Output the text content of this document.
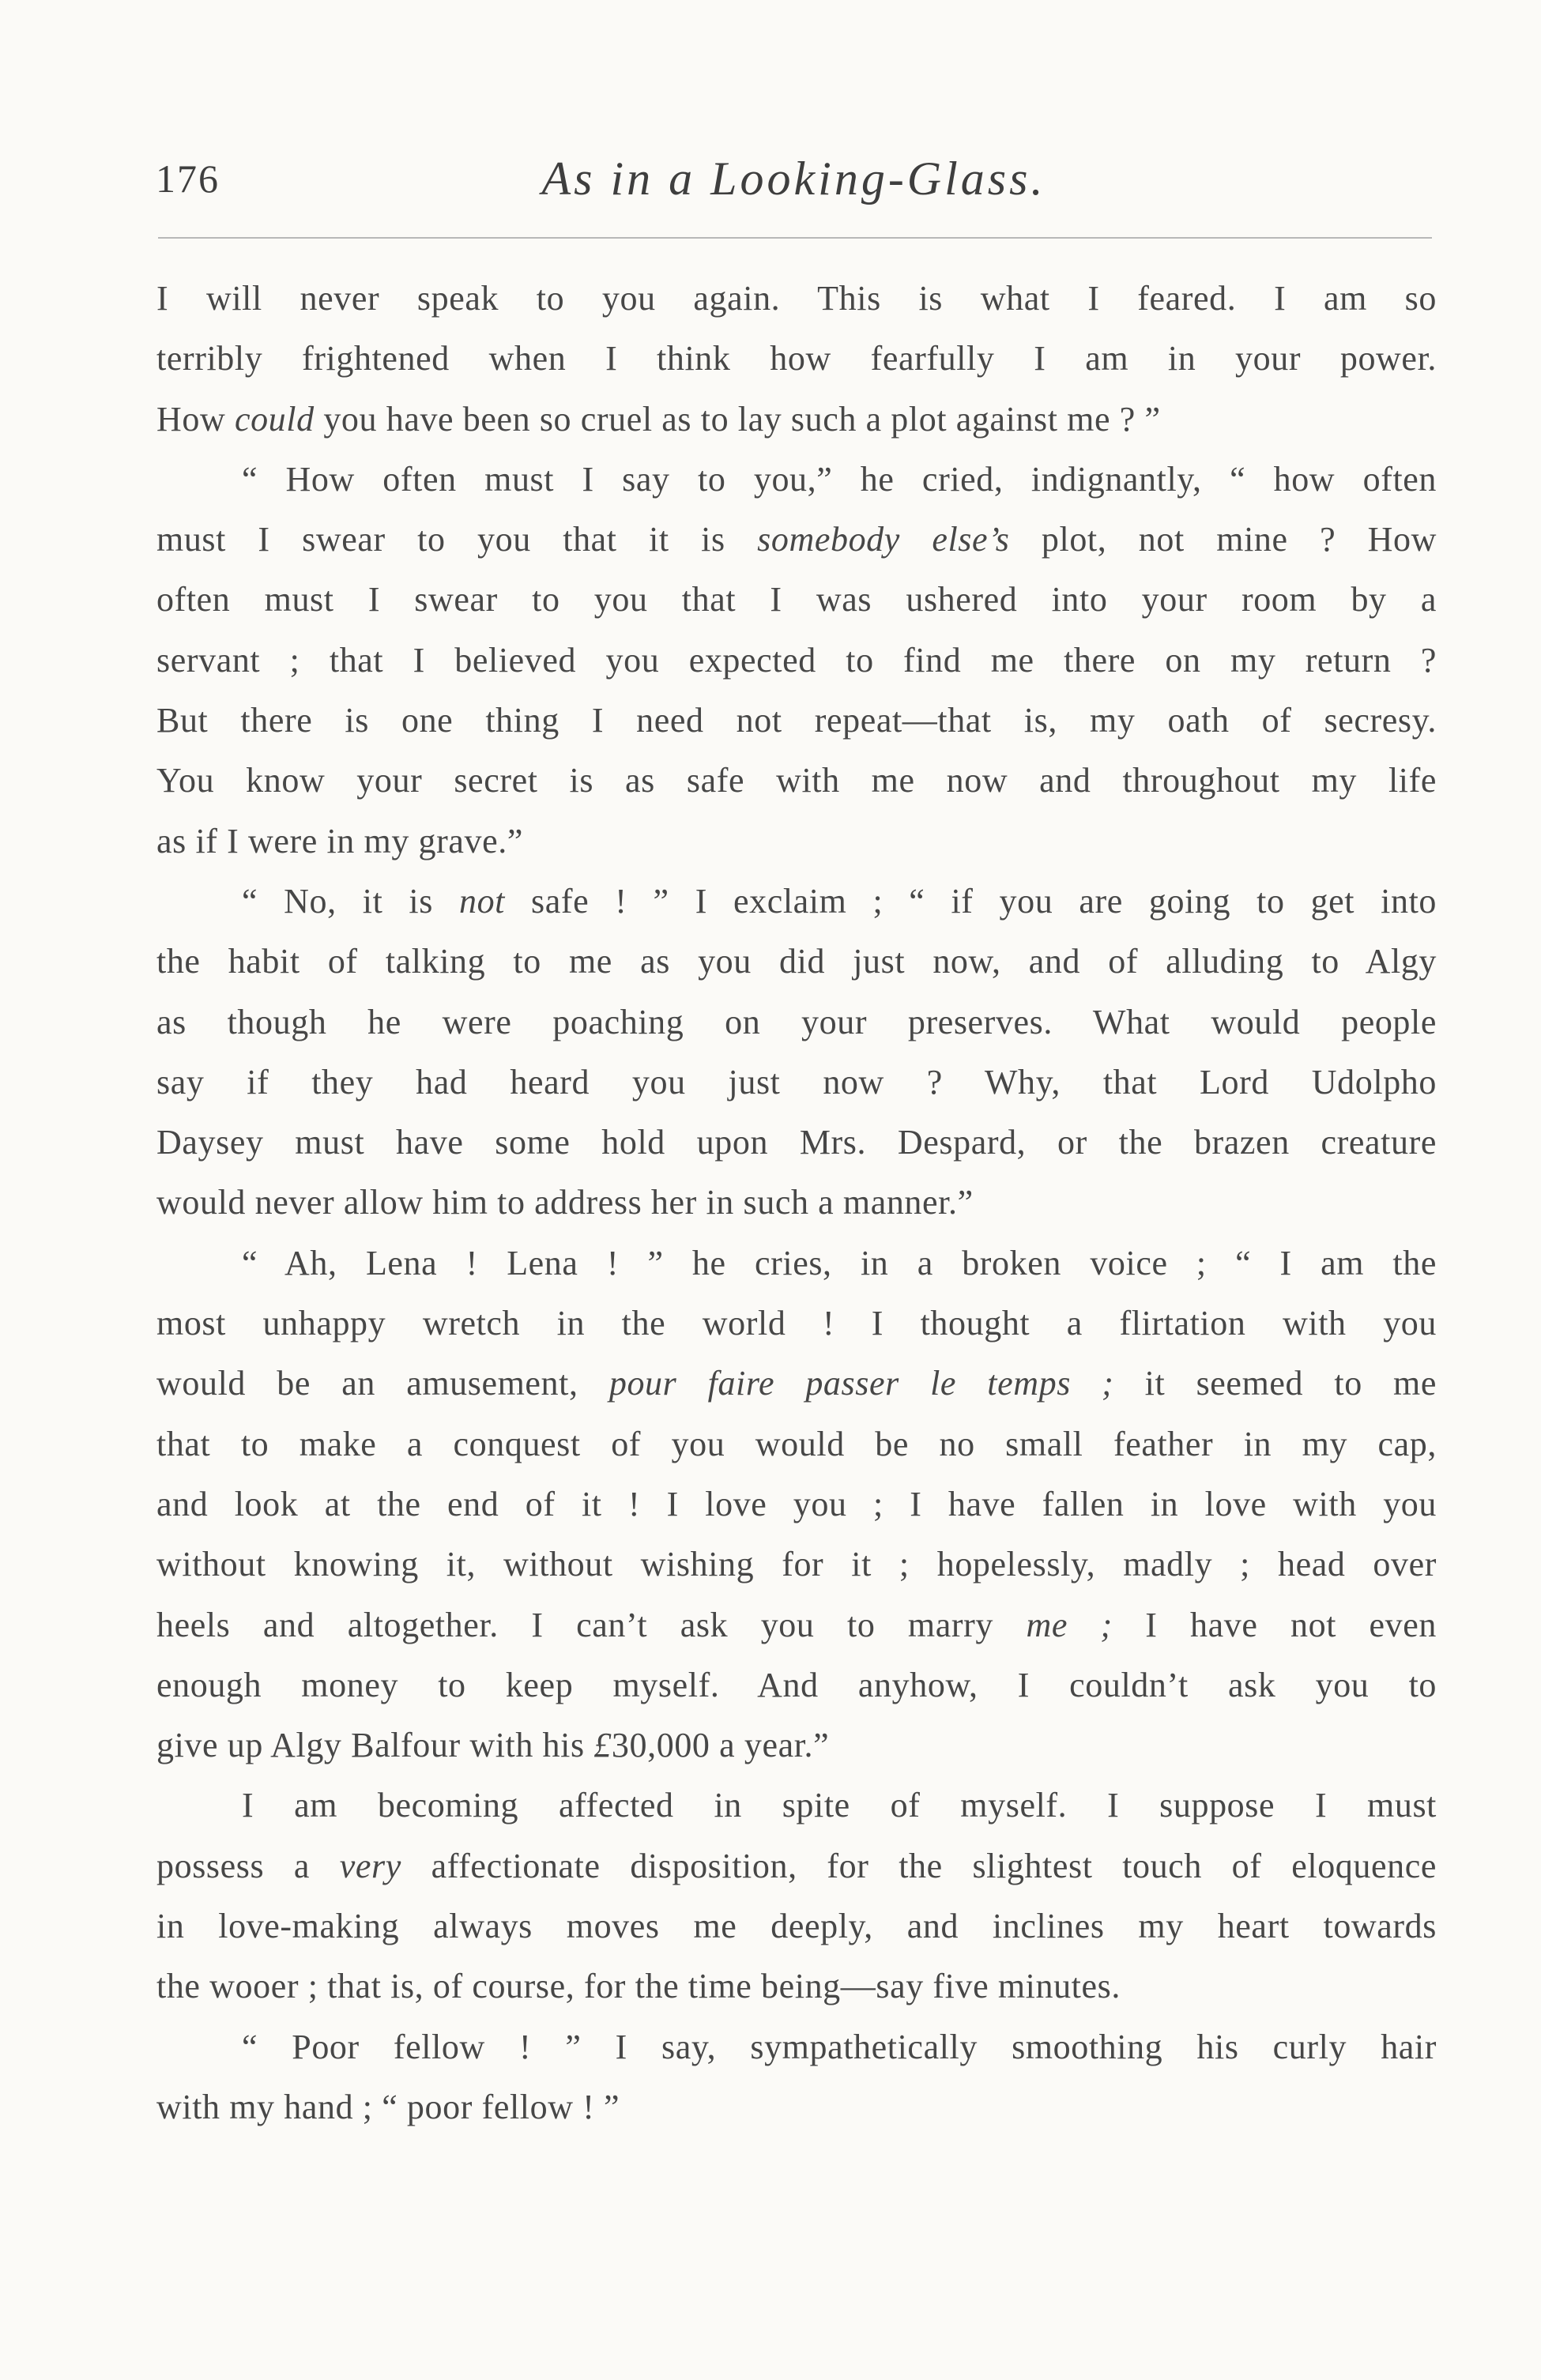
176	As in a Looking-Glass.
I will never speak to you again. This is what I feared. I am so
terribly frightened when I think how fearfully I am in your power.
How could you have been so cruel as to lay such a plot against me ? ”
“ How often must I say to you,” he cried, indignantly, “ how often
must I swear to you that it is somebody else’s plot, not mine ? How
often must I swear to you that I was ushered into your room by a
servant ; that I believed you expected to find me there on my return ?
But there is one thing I need not repeat—that is, my oath of secresy.
You know your secret is as safe with me now and throughout my life
as if I were in my grave.”
“ No, it is not safe ! ” I exclaim ; “ if you are going to get into
the habit of talking to me as you did just now, and of alluding to Algy
as though he were poaching on your preserves. What would people
say if they had heard you just now ? Why, that Lord Udolpho
Daysey must have some hold upon Mrs. Despard, or the brazen creature
would never allow him to address her in such a manner.”
“ Ah, Lena ! Lena ! ” he cries, in a broken voice ; “ I am the
most unhappy wretch in the world ! I thought a flirtation with you
would be an amusement, pour faire passer le temps ; it seemed to me
that to make a conquest of you would be no small feather in my cap,
and look at the end of it ! I love you ; I have fallen in love with you
without knowing it, without wishing for it ; hopelessly, madly ; head over
heels and altogether. I can’t ask you to marry me ; I have not even
enough money to keep myself. And anyhow, I couldn’t ask you to
give up Algy Balfour with his £30,000 a year.”
I am becoming affected in spite of myself. I suppose I must
possess a very affectionate disposition, for the slightest touch of eloquence
in love-making always moves me deeply, and inclines my heart towards
the wooer ; that is, of course, for the time being—say five minutes.
“ Poor fellow ! ” I say, sympathetically smoothing his curly hair
with my hand ; “ poor fellow ! ”
